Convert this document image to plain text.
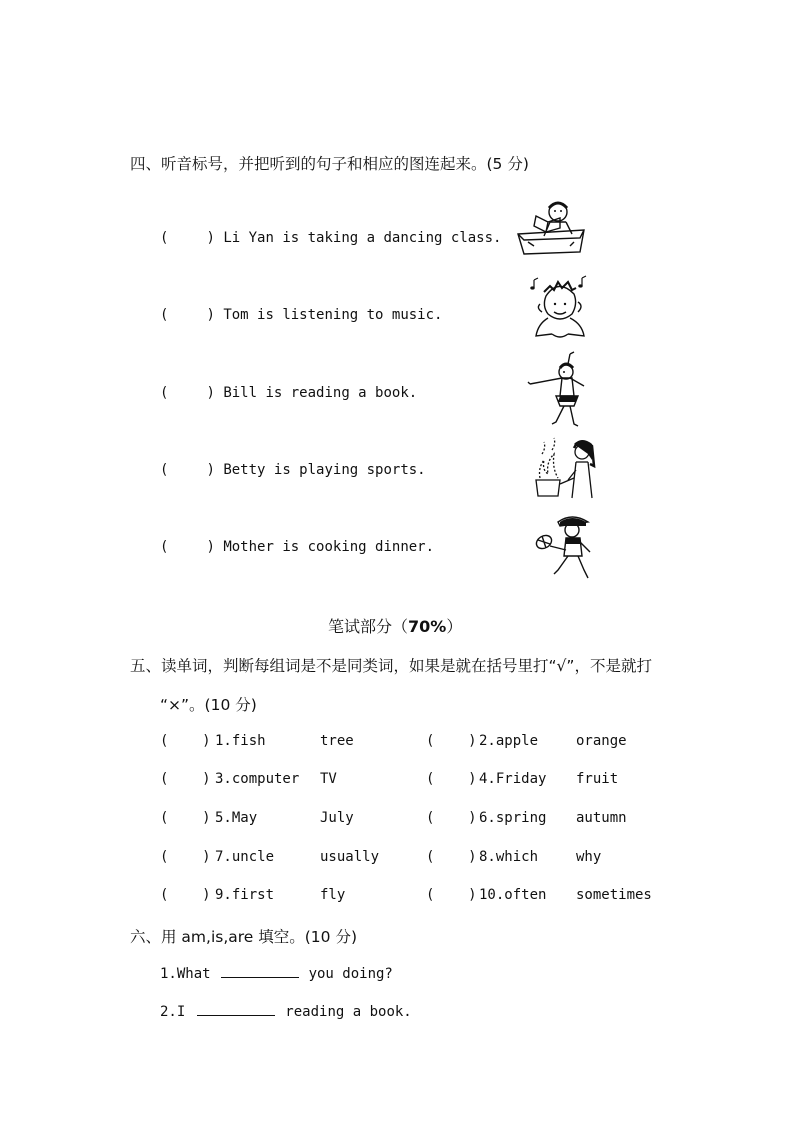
四、听音标号，并把听到的句子和相应的图连起来。(5 分)
(	) Li Yan is taking a dancing class.
(	) Tom is listening to music.
(	) Bill is reading a book.
(	) Betty is playing sports.
(	) Mother is cooking dinner.
笔试部分（70%）
五、读单词，判断每组词是不是同类词，如果是就在括号里打“√”，不是就打
“×”。(10 分)
(    ) 1.fish	tree	(    ) 2.apple	orange
(    ) 3.computer TV	(    ) 4.Friday fruit
(    ) 5.May	July	(    ) 6.spring autumn
(    ) 7.uncle	usually	(    ) 8.which	why
(    ) 9.first	fly	(    ) 10.often sometimes
六、用 am,is,are 填空。(10 分)
1.What	you doing?
2.I	reading a book.
